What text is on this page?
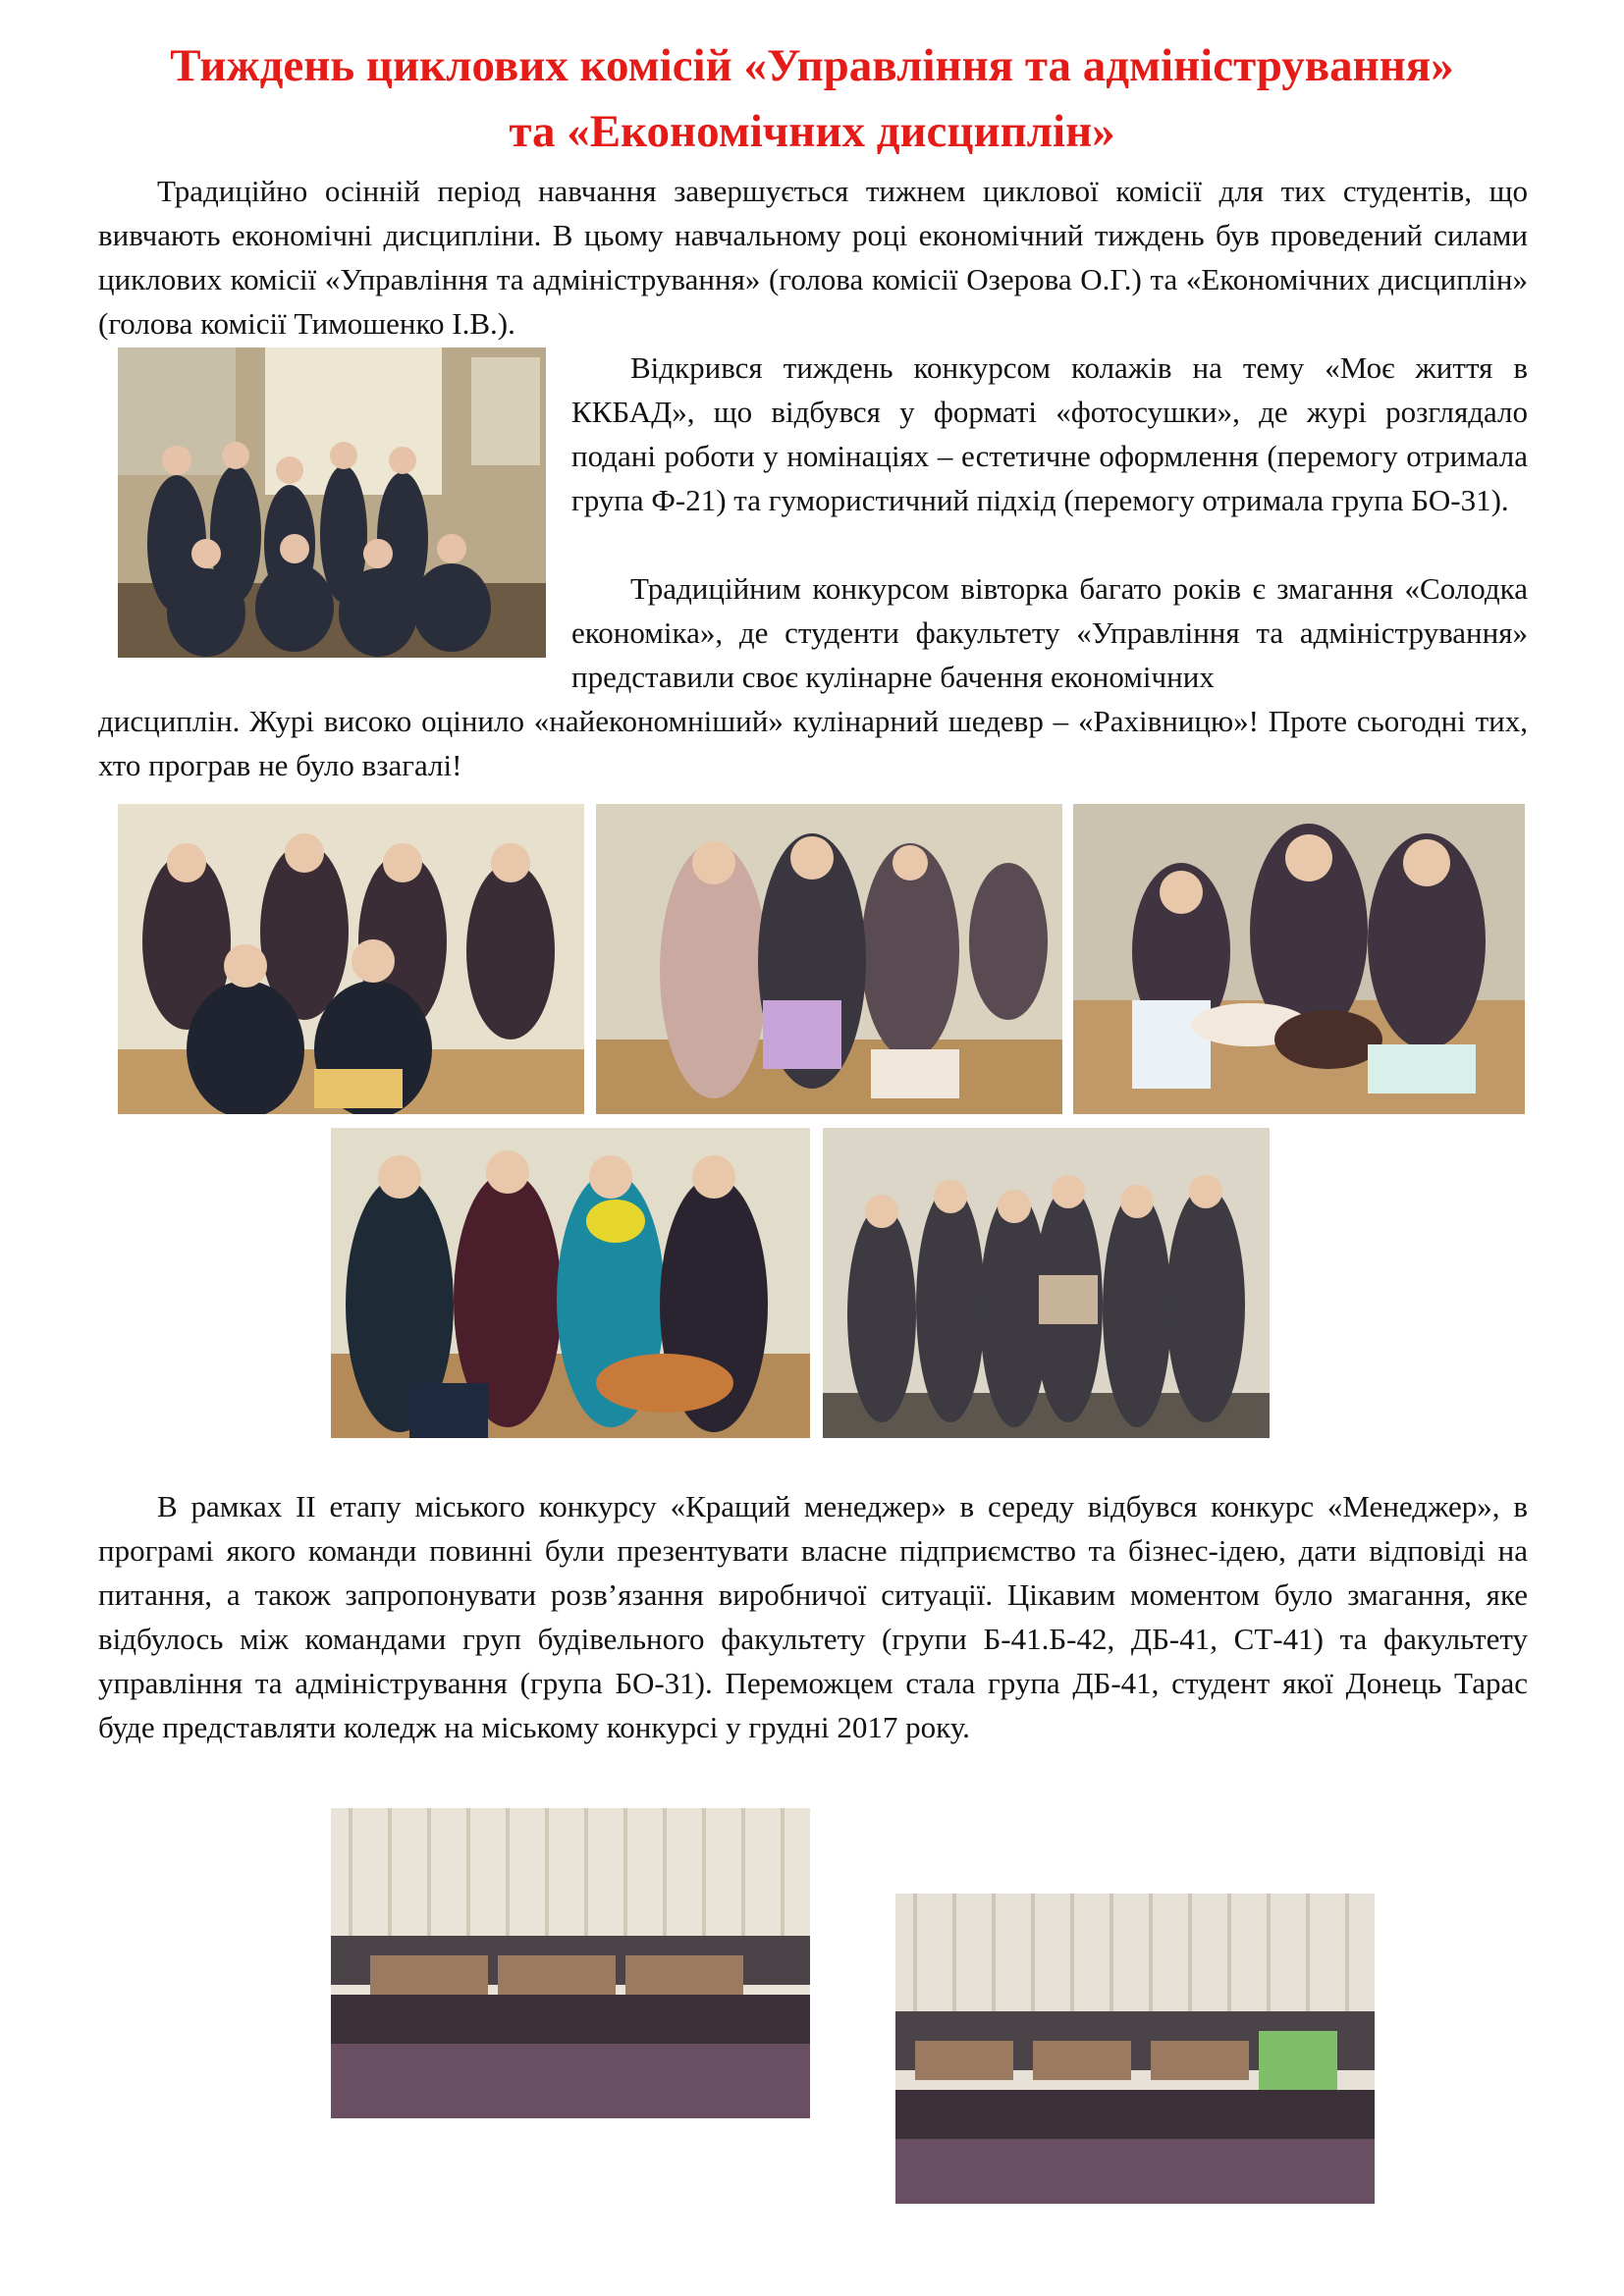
Тиждень циклових комісій «Управління та адміністрування»
та «Економічних дисциплін»

Традиційно осінній період навчання завершується тижнем циклової комісії для тих студентів, що вивчають економічні дисципліни. В цьому навчальному році економічний тиждень був проведений силами циклових комісії «Управління та адміністрування» (голова комісії Озерова О.Г.) та «Економічних дисциплін» (голова комісії Тимошенко І.В.).

Відкрився тиждень конкурсом колажів на тему «Моє життя в ККБАД», що відбувся у форматі «фотосушки», де журі розглядало подані роботи у номінаціях – естетичне оформлення (перемогу отримала група Ф-21) та гумористичний підхід (перемогу отримала група БО-31).

Традиційним конкурсом вівторка багато років є змагання «Солодка економіка», де студенти факультету «Управління та адміністрування» представили своє кулінарне бачення економічних

дисциплін. Журі високо оцінило «найекономніший» кулінарний шедевр – «Рахівницю»! Проте сьогодні тих, хто програв не було взагалі!

В рамках ІІ етапу міського конкурсу «Кращий менеджер» в середу відбувся конкурс «Менеджер», в програмі якого команди повинні були презентувати власне підприємство та бізнес-ідею, дати відповіді на питання, а також запропонувати розв’язання виробничої ситуації. Цікавим моментом було змагання, яке відбулось між командами груп будівельного факультету (групи Б-41.Б-42, ДБ-41, СТ-41) та факультету управління та адміністрування (група БО-31). Переможцем стала група ДБ-41, студент якої Донець Тарас буде представляти коледж на міському конкурсі у грудні 2017 року.
